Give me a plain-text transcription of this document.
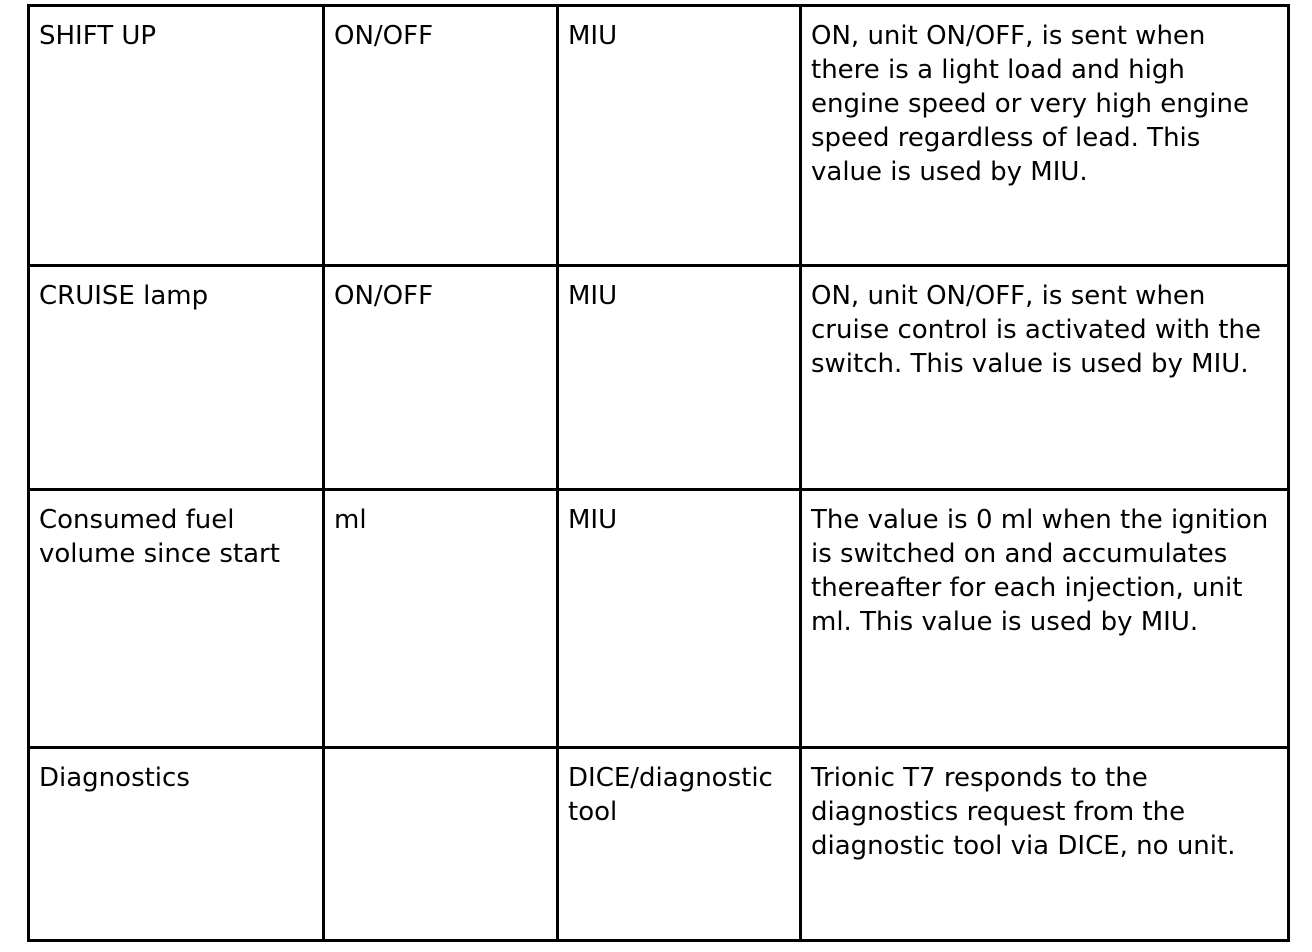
SHIFT UP	ON/OFF	MIU	ON, unit ON/OFF, is sent when there is a light load and high engine speed or very high engine speed regardless of lead. This value is used by MIU.
CRUISE lamp	ON/OFF	MIU	ON, unit ON/OFF, is sent when cruise control is activated with the switch. This value is used by MIU.
Consumed fuel volume since start	ml	MIU	The value is 0 ml when the ignition is switched on and accumulates thereafter for each injection, unit ml. This value is used by MIU.
Diagnostics		DICE/diagnostic tool	Trionic T7 responds to the diagnostics request from the diagnostic tool via DICE, no unit.
